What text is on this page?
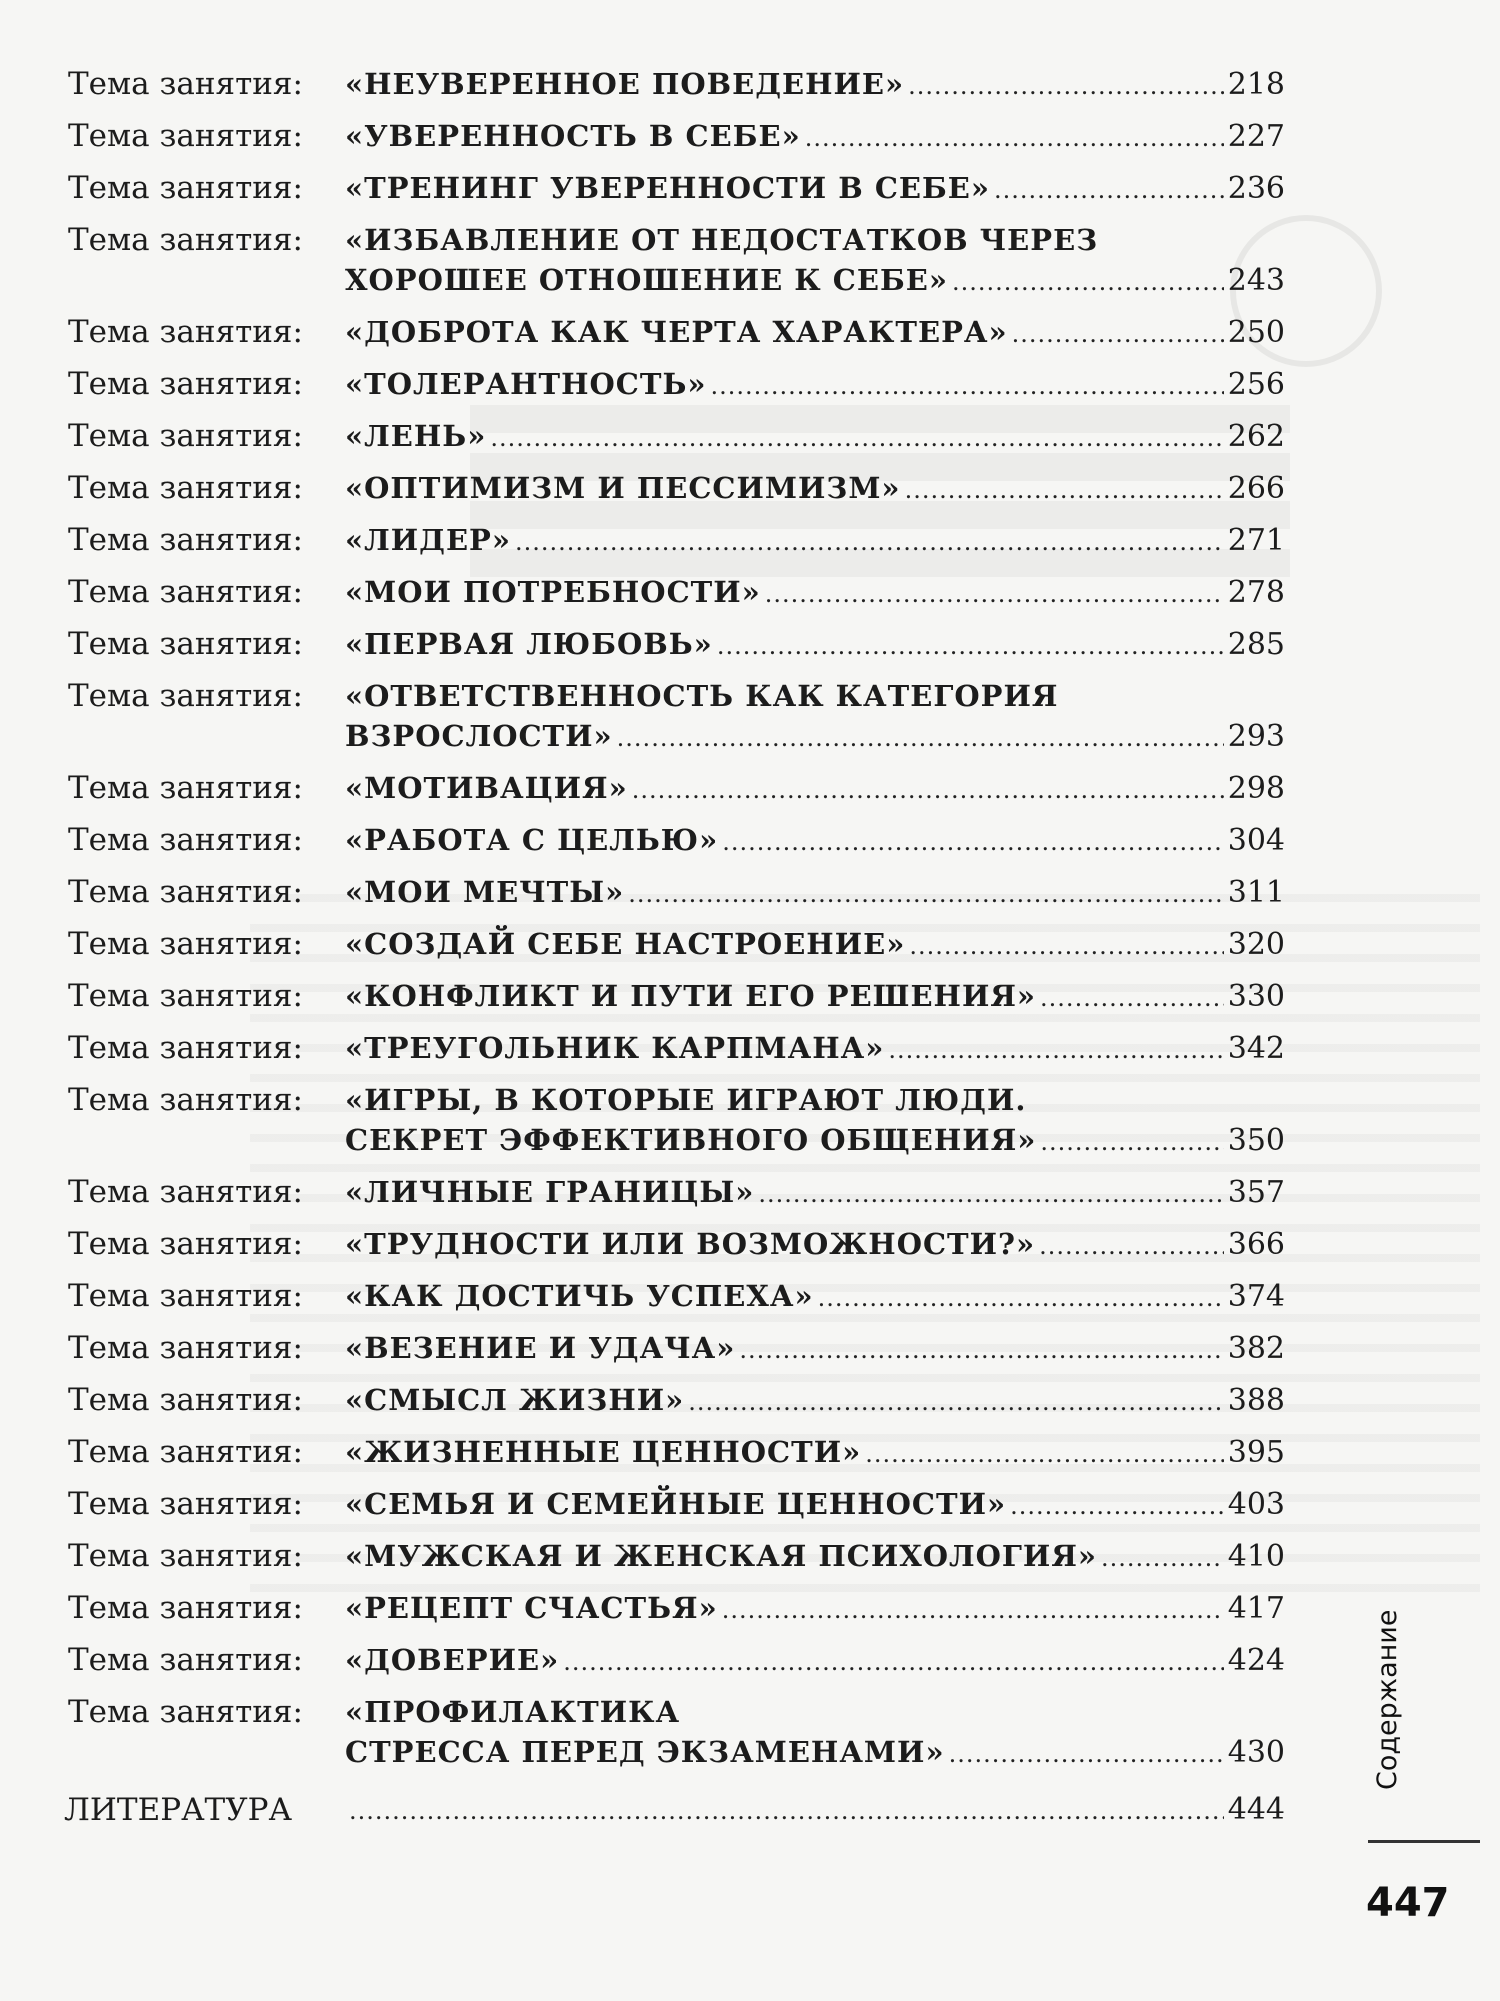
Тема занятия: «НЕУВЕРЕННОЕ ПОВЕДЕНИЕ» .....	218
Тема занятия: «УВЕРЕННОСТЬ В СЕБЕ» .....	227
Тема занятия: «ТРЕНИНГ УВЕРЕННОСТИ В СЕБЕ» .....	236
Тема занятия: «ИЗБАВЛЕНИЕ ОТ НЕДОСТАТКОВ ЧЕРЕЗ
ХОРОШЕЕ ОТНОШЕНИЕ К СЕБЕ» .....	243
Тема занятия: «ДОБРОТА КАК ЧЕРТА ХАРАКТЕРА» .....	250
Тема занятия: «ТОЛЕРАНТНОСТЬ» .....	256
Тема занятия: «ЛЕНЬ» .....	262
Тема занятия: «ОПТИМИЗМ И ПЕССИМИЗМ» .....	266
Тема занятия: «ЛИДЕР» .....	271
Тема занятия: «МОИ ПОТРЕБНОСТИ» .....	278
Тема занятия: «ПЕРВАЯ ЛЮБОВЬ» .....	285
Тема занятия: «ОТВЕТСТВЕННОСТЬ КАК КАТЕГОРИЯ
ВЗРОСЛОСТИ» .....	293
Тема занятия: «МОТИВАЦИЯ» .....	298
Тема занятия: «РАБОТА С ЦЕЛЬЮ» .....	304
Тема занятия: «МОИ МЕЧТЫ» .....	311
Тема занятия: «СОЗДАЙ СЕБЕ НАСТРОЕНИЕ» .....	320
Тема занятия: «КОНФЛИКТ И ПУТИ ЕГО РЕШЕНИЯ» .....	330
Тема занятия: «ТРЕУГОЛЬНИК КАРПМАНА» .....	342
Тема занятия: «ИГРЫ, В КОТОРЫЕ ИГРАЮТ ЛЮДИ.
СЕКРЕТ ЭФФЕКТИВНОГО ОБЩЕНИЯ» .....	350
Тема занятия: «ЛИЧНЫЕ ГРАНИЦЫ» .....	357
Тема занятия: «ТРУДНОСТИ ИЛИ ВОЗМОЖНОСТИ?» .....	366
Тема занятия: «КАК ДОСТИЧЬ УСПЕХА» .....	374
Тема занятия: «ВЕЗЕНИЕ И УДАЧА» .....	382
Тема занятия: «СМЫСЛ ЖИЗНИ» .....	388
Тема занятия: «ЖИЗНЕННЫЕ ЦЕННОСТИ» .....	395
Тема занятия: «СЕМЬЯ И СЕМЕЙНЫЕ ЦЕННОСТИ» .....	403
Тема занятия: «МУЖСКАЯ И ЖЕНСКАЯ ПСИХОЛОГИЯ» .....	410
Тема занятия: «РЕЦЕПТ СЧАСТЬЯ» .....	417
Тема занятия: «ДОВЕРИЕ» .....	424
Тема занятия: «ПРОФИЛАКТИКА
СТРЕССА ПЕРЕД ЭКЗАМЕНАМИ» .....	430
ЛИТЕРАТУРА .....	444
Содержание
447
